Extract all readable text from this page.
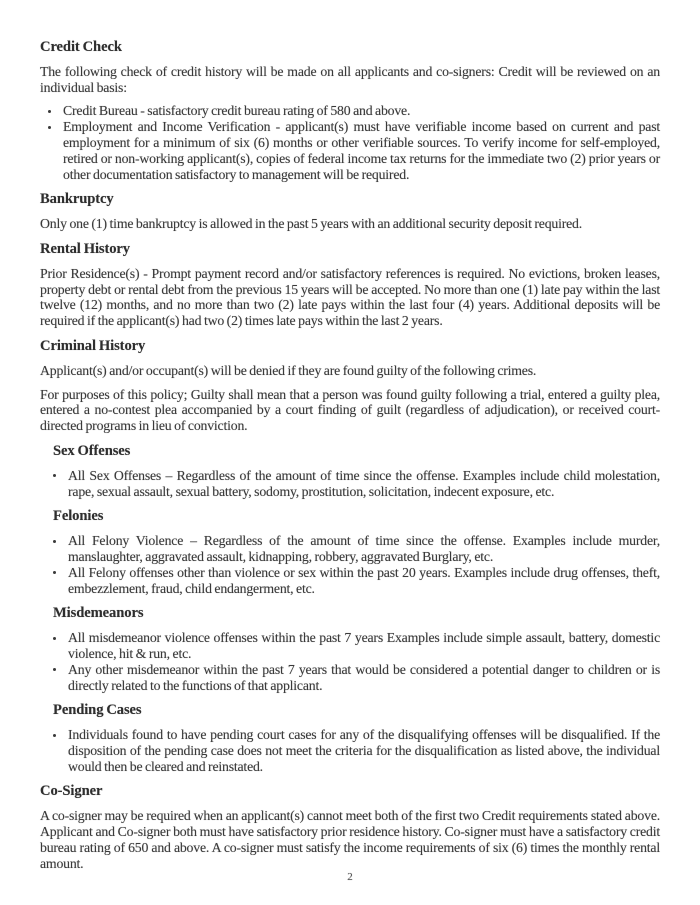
Credit Check

The following check of credit history will be made on all applicants and co-signers: Credit will be reviewed on an individual basis:

Credit Bureau - satisfactory credit bureau rating of 580 and above.
Employment and Income Verification - applicant(s) must have verifiable income based on current and past employment for a minimum of six (6) months or other verifiable sources. To verify income for self-employed, retired or non-working applicant(s), copies of federal income tax returns for the immediate two (2) prior years or other documentation satisfactory to management will be required.
Bankruptcy

Only one (1) time bankruptcy is allowed in the past 5 years with an additional security deposit required.

Rental History

Prior Residence(s) - Prompt payment record and/or satisfactory references is required. No evictions, broken leases, property debt or rental debt from the previous 15 years will be accepted. No more than one (1) late pay within the last twelve (12) months, and no more than two (2) late pays within the last four (4) years. Additional deposits will be required if the applicant(s) had two (2) times late pays within the last 2 years.

Criminal History

Applicant(s) and/or occupant(s) will be denied if they are found guilty of the following crimes.

For purposes of this policy; Guilty shall mean that a person was found guilty following a trial, entered a guilty plea, entered a no-contest plea accompanied by a court finding of guilt (regardless of adjudication), or received court-directed programs in lieu of conviction.

Sex Offenses
All Sex Offenses – Regardless of the amount of time since the offense. Examples include child molestation, rape, sexual assault, sexual battery, sodomy, prostitution, solicitation, indecent exposure, etc.
Felonies
All Felony Violence – Regardless of the amount of time since the offense. Examples include murder, manslaughter, aggravated assault, kidnapping, robbery, aggravated Burglary, etc.
All Felony offenses other than violence or sex within the past 20 years. Examples include drug offenses, theft, embezzlement, fraud, child endangerment, etc.
Misdemeanors
All misdemeanor violence offenses within the past 7 years Examples include simple assault, battery, domestic violence, hit & run, etc.
Any other misdemeanor within the past 7 years that would be considered a potential danger to children or is directly related to the functions of that applicant.
Pending Cases
Individuals found to have pending court cases for any of the disqualifying offenses will be disqualified. If the disposition of the pending case does not meet the criteria for the disqualification as listed above, the individual would then be cleared and reinstated.
Co-Signer

A co-signer may be required when an applicant(s) cannot meet both of the first two Credit requirements stated above. Applicant and Co-signer both must have satisfactory prior residence history. Co-signer must have a satisfactory credit bureau rating of 650 and above. A co-signer must satisfy the income requirements of six (6) times the monthly rental amount.

2
